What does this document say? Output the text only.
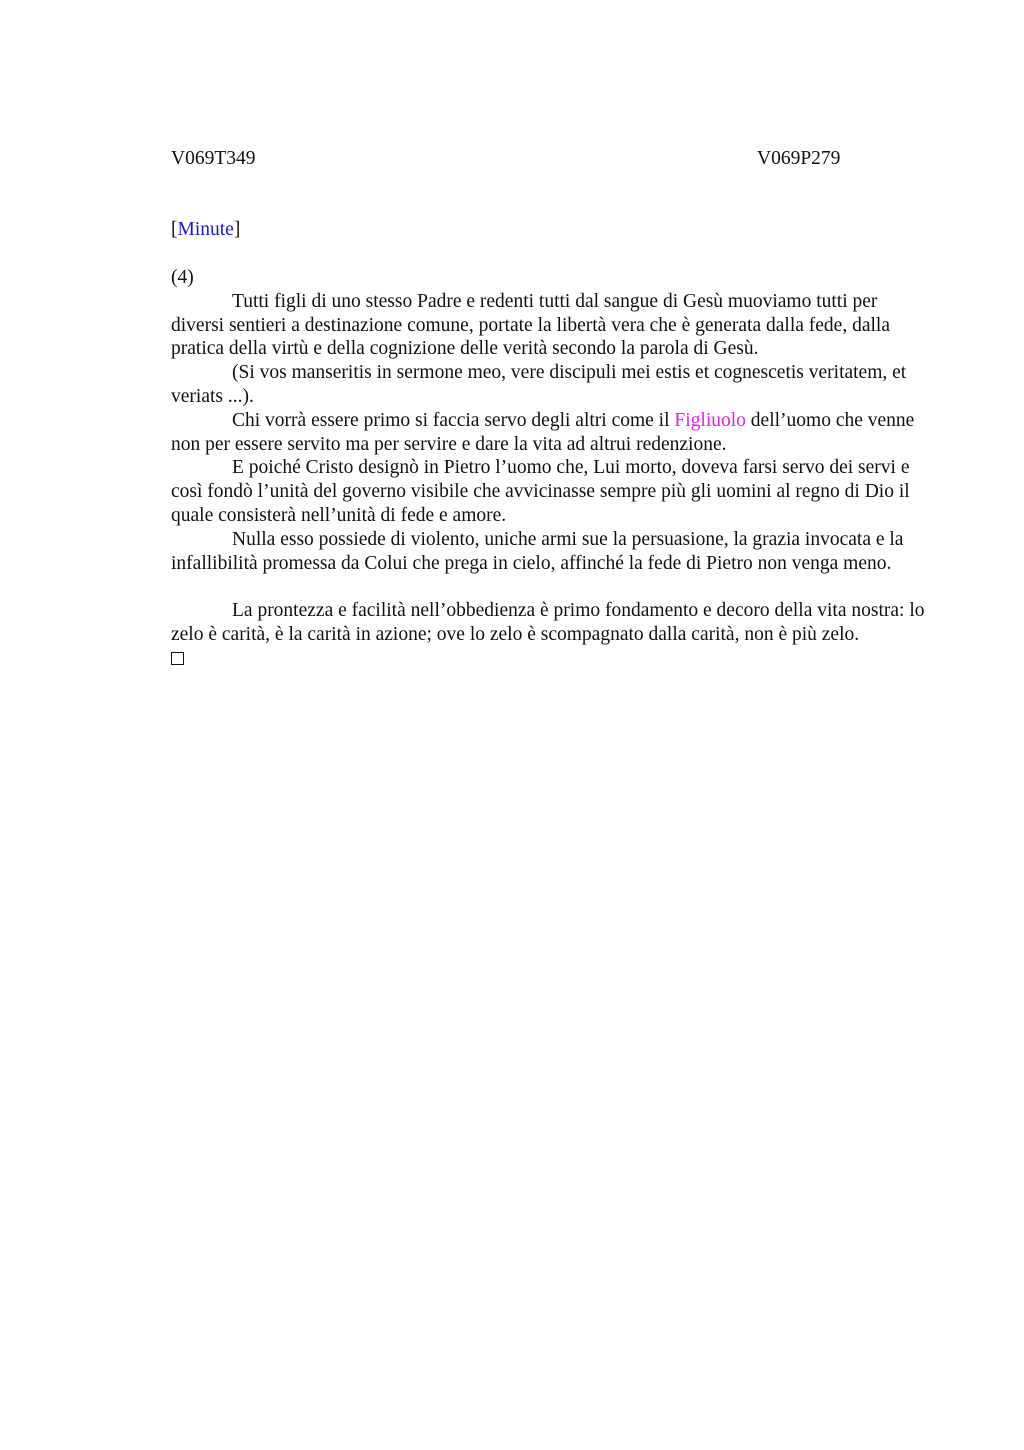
V069T349	V069P279
[Minute]

(4)

Tutti figli di uno stesso Padre e redenti tutti dal sangue di Gesù muoviamo tutti per diversi sentieri a destinazione comune, portate la libertà vera che è generata dalla fede, dalla pratica della virtù e della cognizione delle verità secondo la parola di Gesù.

(Si vos manseritis in sermone meo, vere discipuli mei estis et cognescetis veritatem, et veriats ...).

Chi vorrà essere primo si faccia servo degli altri come il Figliuolo dell’uomo che venne non per essere servito ma per servire e dare la vita ad altrui redenzione.

E poiché Cristo designò in Pietro l’uomo che, Lui morto, doveva farsi servo dei servi e così fondò l’unità del governo visibile che avvicinasse sempre più gli uomini al regno di Dio il quale consisterà nell’unità di fede e amore.

Nulla esso possiede di violento, uniche armi sue la persuasione, la grazia invocata e la infallibilità promessa da Colui che prega in cielo, affinché la fede di Pietro non venga meno.

La prontezza e facilità nell’obbedienza è primo fondamento e decoro della vita nostra: lo zelo è carità, è la carità in azione; ove lo zelo è scompagnato dalla carità, non è più zelo.
